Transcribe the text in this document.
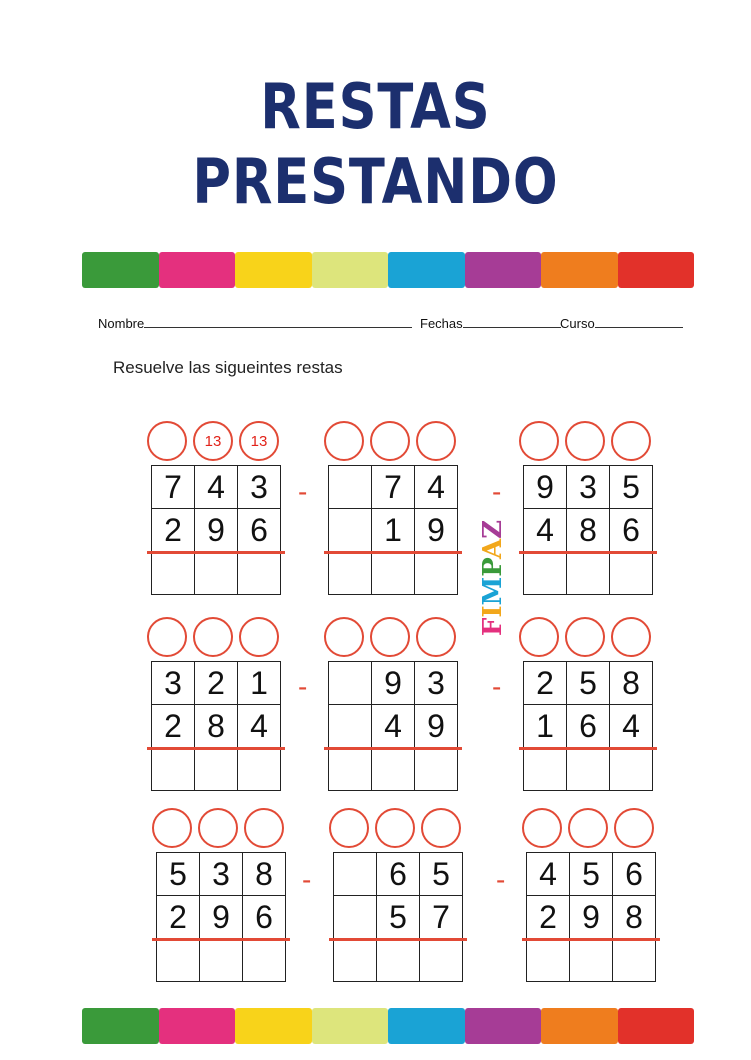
RESTAS
PRESTANDO
Nombre	Fechas	Curso
Resuelve las sigueintes restas
13	13
7 4 3
2 9 6
7 4
1 9
9 3 5
4 8 6
3 2 1
2 8 4
9 3
4 9
2 5 8
1 6 4
5 3 8
2 9 6
6 5
5 7
4 5 6
2 9 8
-	-
-	-
-	-
FIMPAZ
